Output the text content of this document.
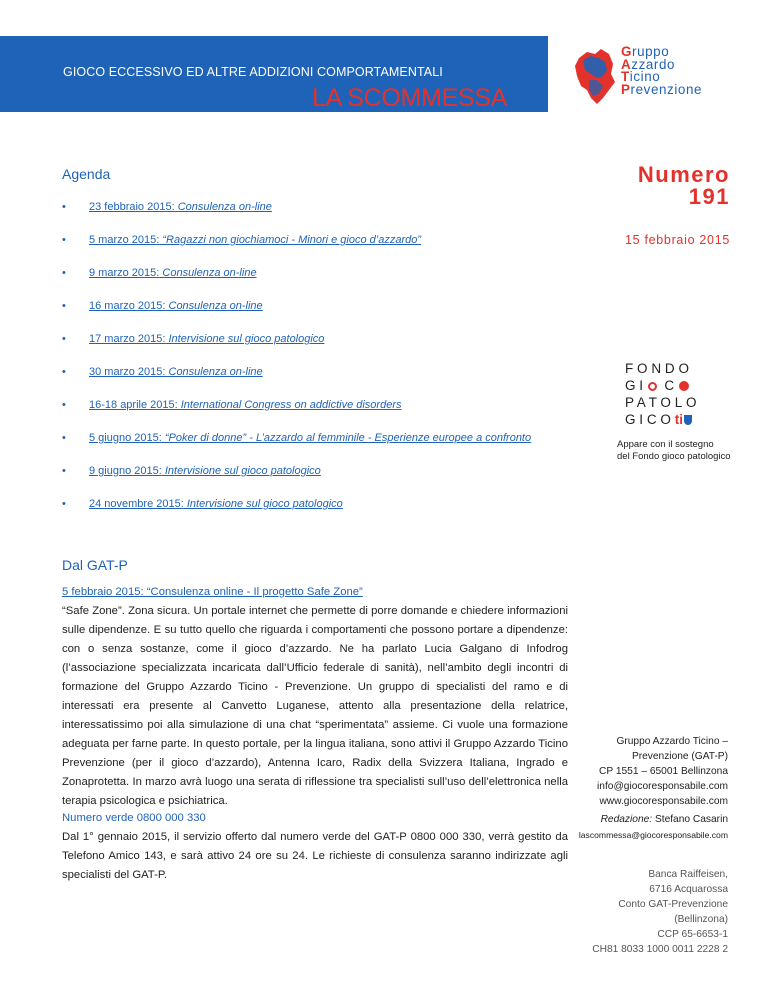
GIOCO ECCESSIVO ED ALTRE ADDIZIONI COMPORTAMENTALI
LA SCOMMESSA
Gruppo
Azzardo
Ticino
Prevenzione
Numero
191
15 febbraio 2015
Agenda
• 23 febbraio 2015: Consulenza on-line
• 5 marzo 2015: “Ragazzi non giochiamoci - Minori e gioco d’azzardo”
• 9 marzo 2015: Consulenza on-line
• 16 marzo 2015: Consulenza on-line
• 17 marzo 2015: Intervisione sul gioco patologico
• 30 marzo 2015: Consulenza on-line
• 16-18 aprile 2015: International Congress on addictive disorders
• 5 giugno 2015: “Poker di donne” - L’azzardo al femminile - Esperienze europee a confronto
• 9 giugno 2015: Intervisione sul gioco patologico
• 24 novembre 2015: Intervisione sul gioco patologico
FONDO
GI C
PATOLO
GICOti
Appare con il sostegno
del Fondo gioco patologico
Dal GAT-P
5 febbraio 2015: “Consulenza online - Il progetto Safe Zone”
“Safe Zone”. Zona sicura. Un portale internet che permette di porre domande e chiedere informazioni sulle dipendenze. E su tutto quello che riguarda i comportamenti che possono portare a dipendenze: con o senza sostanze, come il gioco d’azzardo. Ne ha parlato Lucia Galgano di Infodrog (l’associazione specializzata incaricata dall’Ufficio federale di sanità), nell’ambito degli incontri di formazione del Gruppo Azzardo Ticino - Prevenzione. Un gruppo di specialisti del ramo e di interessati era presente al Canvetto Luganese, attento alla presentazione della relatrice, interessatissimo poi alla simulazione di una chat “sperimentata” assieme. Ci vuole una formazione adeguata per farne parte. In questo portale, per la lingua italiana, sono attivi il Gruppo Azzardo Ticino Prevenzione (per il gioco d’azzardo), Antenna Icaro, Radix della Svizzera Italiana, Ingrado e Zonaprotetta. In marzo avrà luogo una serata di riflessione tra specialisti sull’uso dell’elettronica nella terapia psicologica e psichiatrica.
Numero verde 0800 000 330
Dal 1° gennaio 2015, il servizio offerto dal numero verde del GAT-P 0800 000 330, verrà gestito da Telefono Amico 143, e sarà attivo 24 ore su 24. Le richieste di consulenza saranno indirizzate agli specialisti del GAT-P.
Gruppo Azzardo Ticino –
Prevenzione (GAT-P)
CP 1551 – 65001 Bellinzona
info@giocoresponsabile.com
www.giocoresponsabile.com
Redazione: Stefano Casarin
lascommessa@giocoresponsabile.com
Banca Raiffeisen,
6716 Acquarossa
Conto GAT-Prevenzione
(Bellinzona)
CCP 65-6653-1
CH81 8033 1000 0011 2228 2
